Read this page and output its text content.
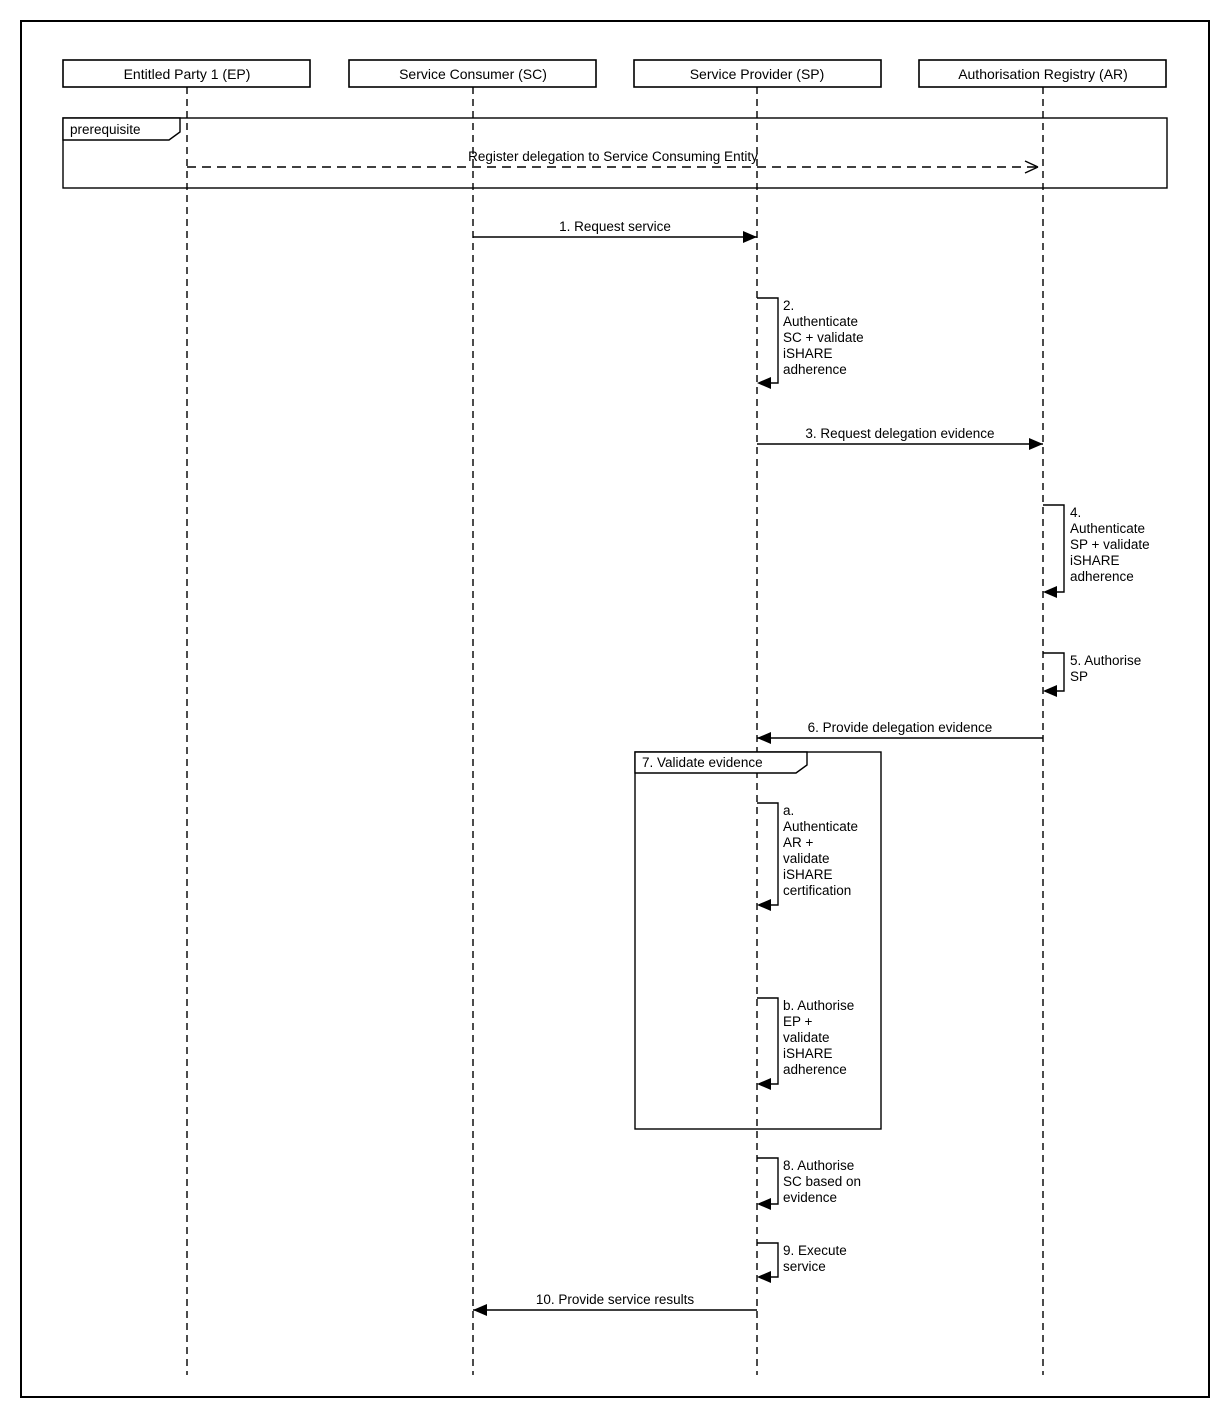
Entitled Party 1 (EP)	Service Consumer (SC)	Service Provider (SP)	Authorisation Registry (AR)
prerequisite
7. Validate evidence
Register delegation to Service Consuming Entity
1. Request service
2. Authenticate SC + validate iSHARE adherence
3. Request delegation evidence
4. Authenticate SP + validate iSHARE adherence
5. Authorise SP
6. Provide delegation evidence
a. Authenticate AR + validate iSHARE certification
b. Authorise EP + validate iSHARE adherence
8. Authorise SC based on evidence
9. Execute service
10. Provide service results
